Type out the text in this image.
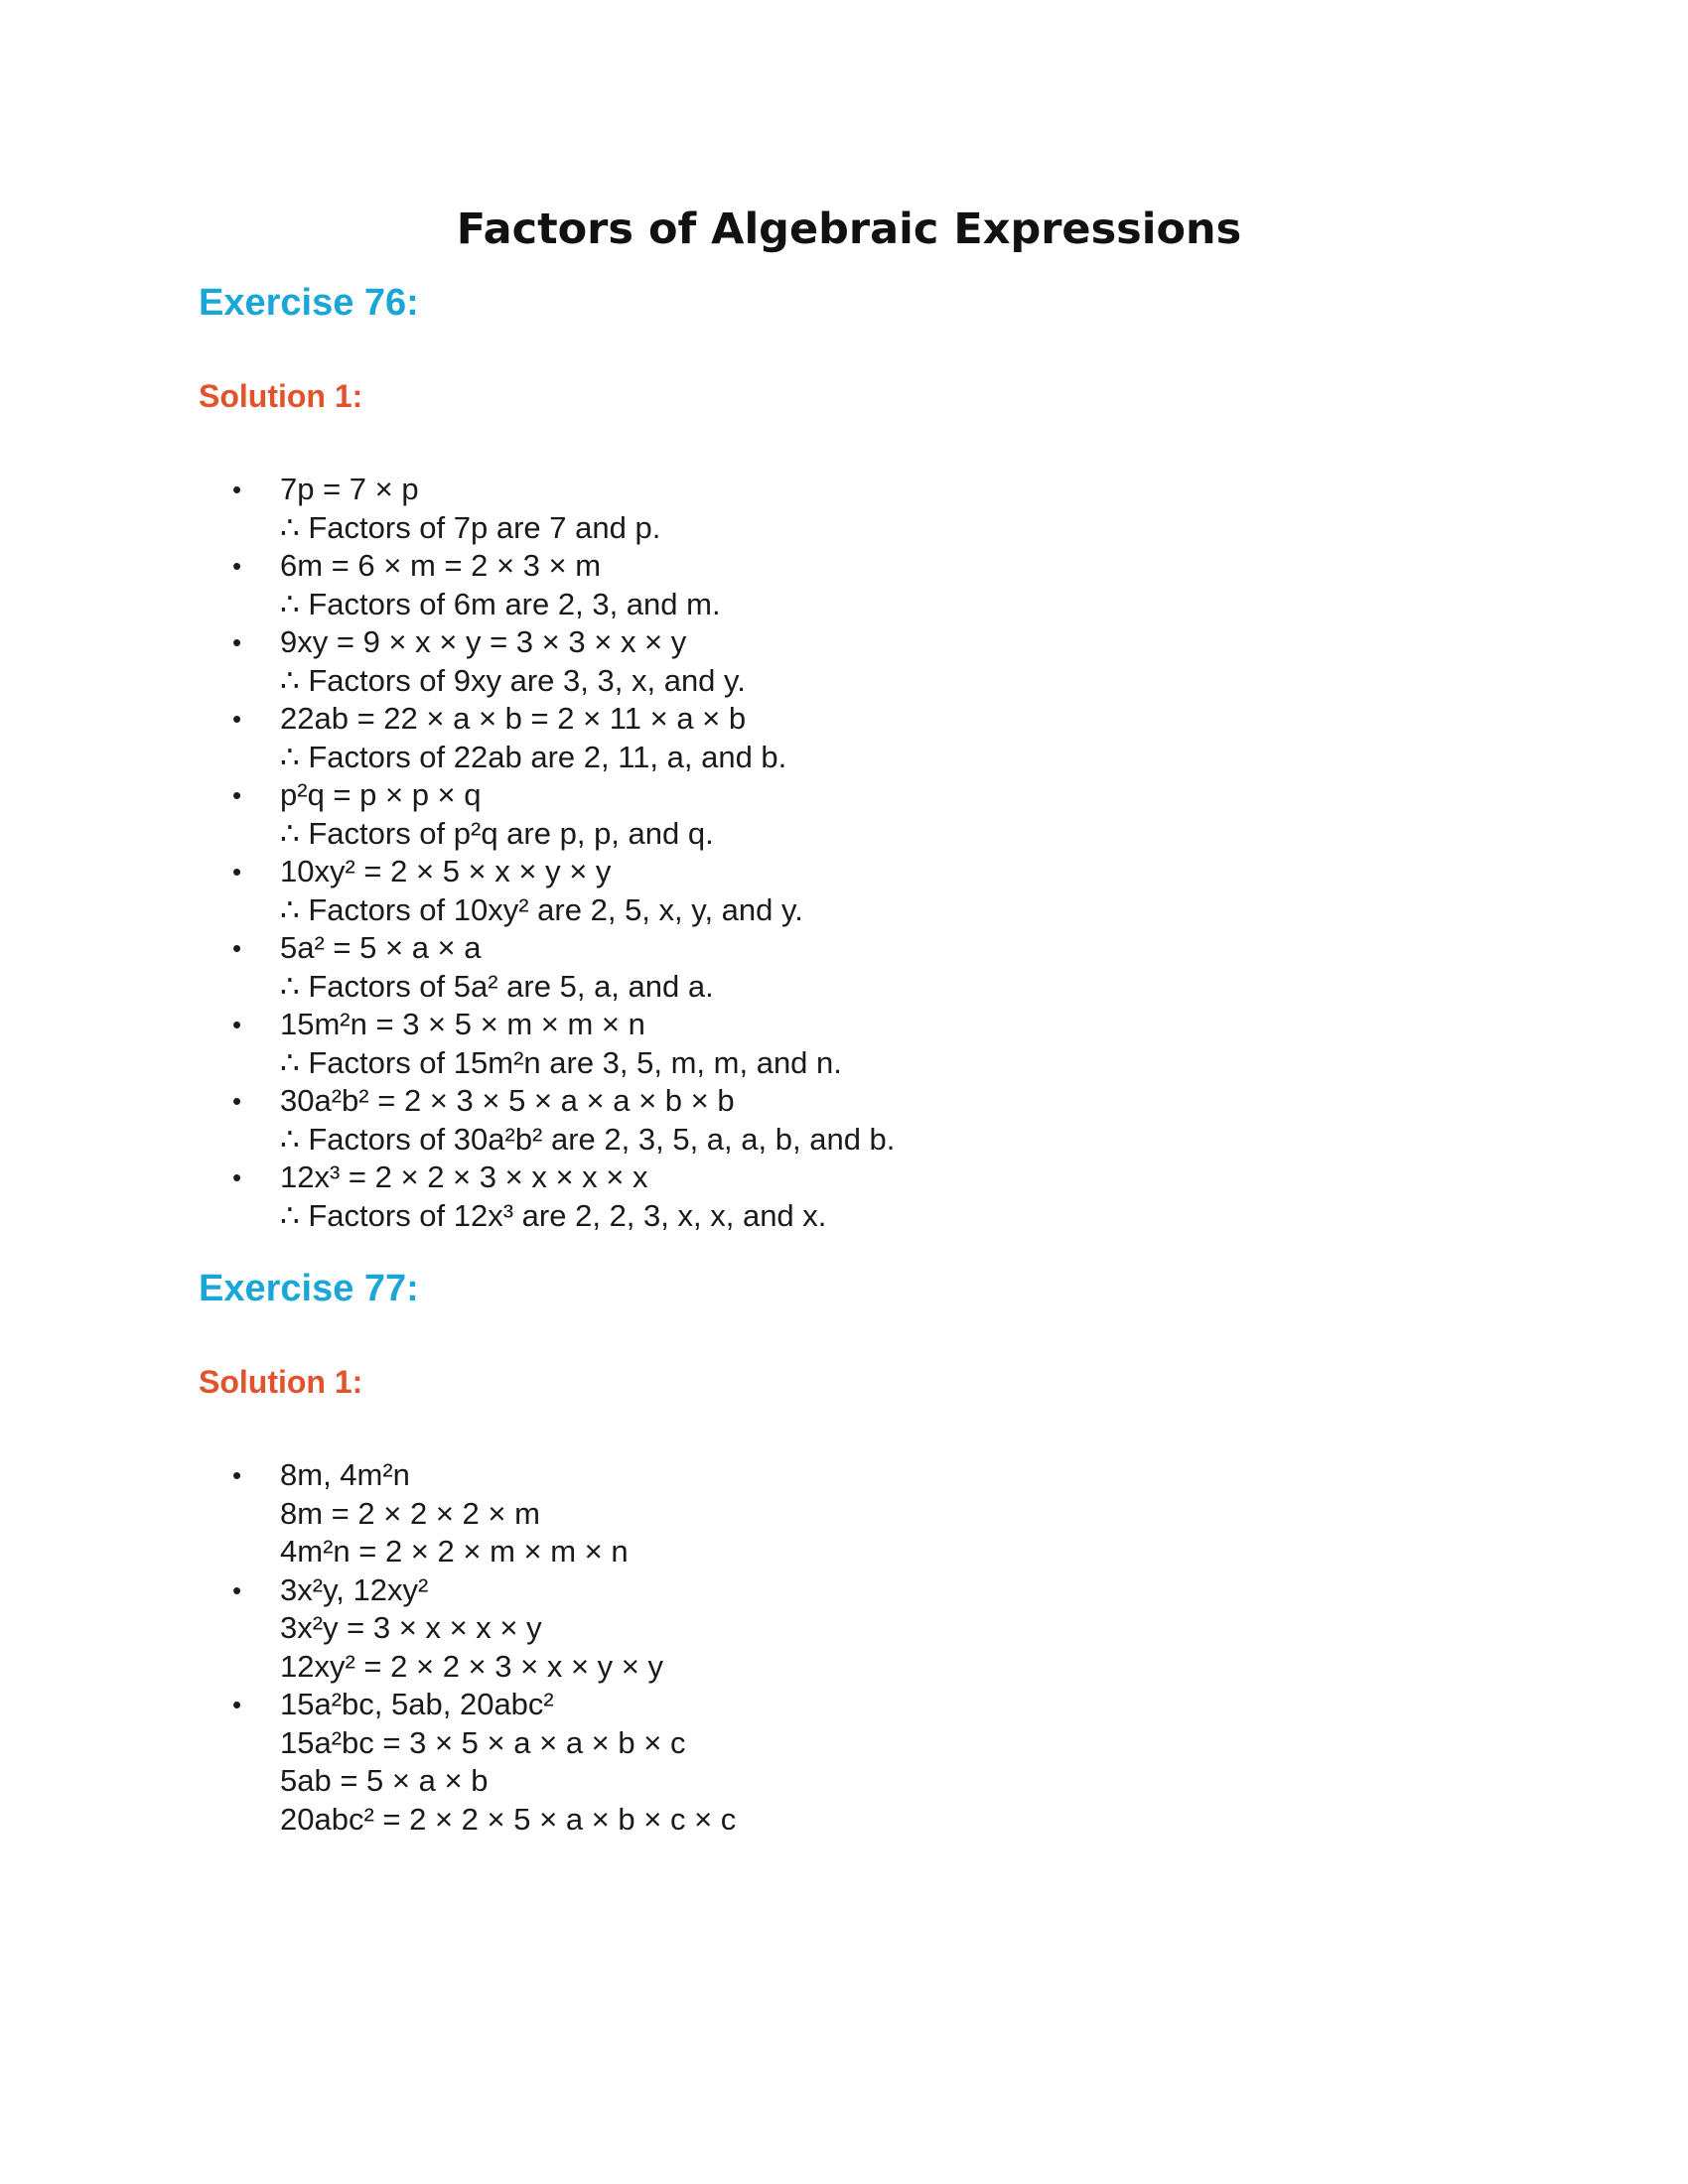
Factors of Algebraic Expressions
Exercise 76:
Solution 1:
• 7p = 7 × p
∴ Factors of 7p are 7 and p.
• 6m = 6 × m = 2 × 3 × m
∴ Factors of 6m are 2, 3, and m.
• 9xy = 9 × x × y = 3 × 3 × x × y
∴ Factors of 9xy are 3, 3, x, and y.
• 22ab = 22 × a × b = 2 × 11 × a × b
∴ Factors of 22ab are 2, 11, a, and b.
• p²q = p × p × q
∴ Factors of p²q are p, p, and q.
• 10xy² = 2 × 5 × x × y × y
∴ Factors of 10xy² are 2, 5, x, y, and y.
• 5a² = 5 × a × a
∴ Factors of 5a² are 5, a, and a.
• 15m²n = 3 × 5 × m × m × n
∴ Factors of 15m²n are 3, 5, m, m, and n.
• 30a²b² = 2 × 3 × 5 × a × a × b × b
∴ Factors of 30a²b² are 2, 3, 5, a, a, b, and b.
• 12x³ = 2 × 2 × 3 × x × x × x
∴ Factors of 12x³ are 2, 2, 3, x, x, and x.
Exercise 77:
Solution 1:
• 8m, 4m²n
8m = 2 × 2 × 2 × m
4m²n = 2 × 2 × m × m × n
• 3x²y, 12xy²
3x²y = 3 × x × x × y
12xy² = 2 × 2 × 3 × x × y × y
• 15a²bc, 5ab, 20abc²
15a²bc = 3 × 5 × a × a × b × c
5ab = 5 × a × b
20abc² = 2 × 2 × 5 × a × b × c × c
